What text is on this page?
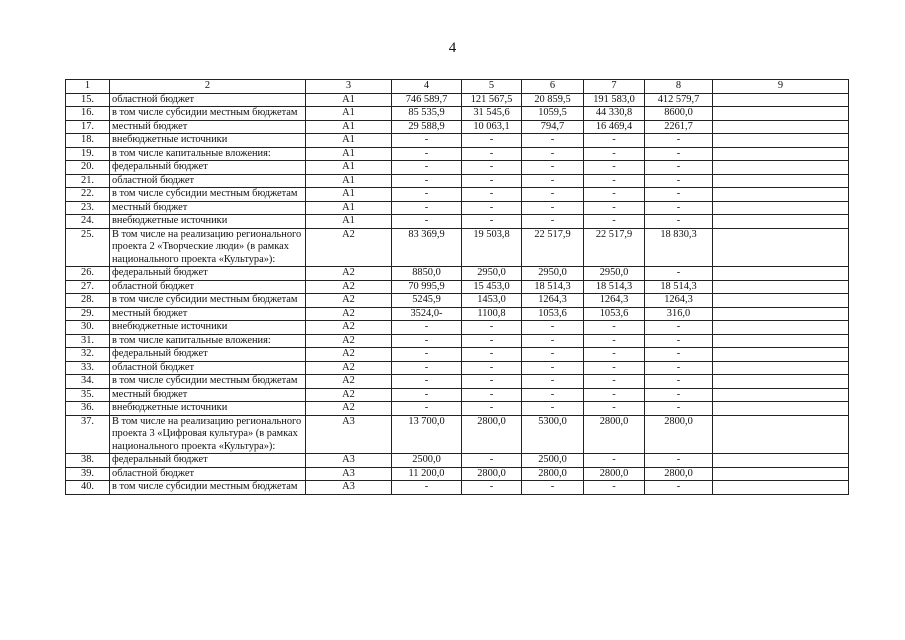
4
1	2	3	4	5	6	7	8	9
15.	областной бюджет	А1	746 589,7	121 567,5	20 859,5	191 583,0	412 579,7	
16.	в том числе субсидии местным бюджетам	А1	85 535,9	31 545,6	1059,5	44 330,8	8600,0	
17.	местный бюджет	А1	29 588,9	10 063,1	794,7	16 469,4	2261,7	
18.	внебюджетные источники	А1	-	-	-	-	-	
19.	в том числе капитальные вложения:	А1	-	-	-	-	-	
20.	федеральный бюджет	А1	-	-	-	-	-	
21.	областной бюджет	А1	-	-	-	-	-	
22.	в том числе субсидии местным бюджетам	А1	-	-	-	-	-	
23.	местный бюджет	А1	-	-	-	-	-	
24.	внебюджетные источники	А1	-	-	-	-	-	
25.	В том числе на реализацию регионального проекта 2 «Творческие люди» (в рамках национального проекта «Культура»):	А2	83 369,9	19 503,8	22 517,9	22 517,9	18 830,3	
26.	федеральный бюджет	А2	8850,0	2950,0	2950,0	2950,0	-	
27.	областной бюджет	А2	70 995,9	15 453,0	18 514,3	18 514,3	18 514,3	
28.	в том числе субсидии местным бюджетам	А2	5245,9	1453,0	1264,3	1264,3	1264,3	
29.	местный бюджет	А2	3524,0-	1100,8	1053,6	1053,6	316,0	
30.	внебюджетные источники	А2	-	-	-	-	-	
31.	в том числе капитальные вложения:	А2	-	-	-	-	-	
32.	федеральный бюджет	А2	-	-	-	-	-	
33.	областной бюджет	А2	-	-	-	-	-	
34.	в том числе субсидии местным бюджетам	А2	-	-	-	-	-	
35.	местный бюджет	А2	-	-	-	-	-	
36.	внебюджетные источники	А2	-	-	-	-	-	
37.	В том числе на реализацию регионального проекта 3 «Цифровая культура» (в рамках национального проекта «Культура»):	А3	13 700,0	2800,0	5300,0	2800,0	2800,0	
38.	федеральный бюджет	А3	2500,0	-	2500,0	-	-	
39.	областной бюджет	А3	11 200,0	2800,0	2800,0	2800,0	2800,0	
40.	в том числе субсидии местным бюджетам	А3	-	-	-	-	-	
